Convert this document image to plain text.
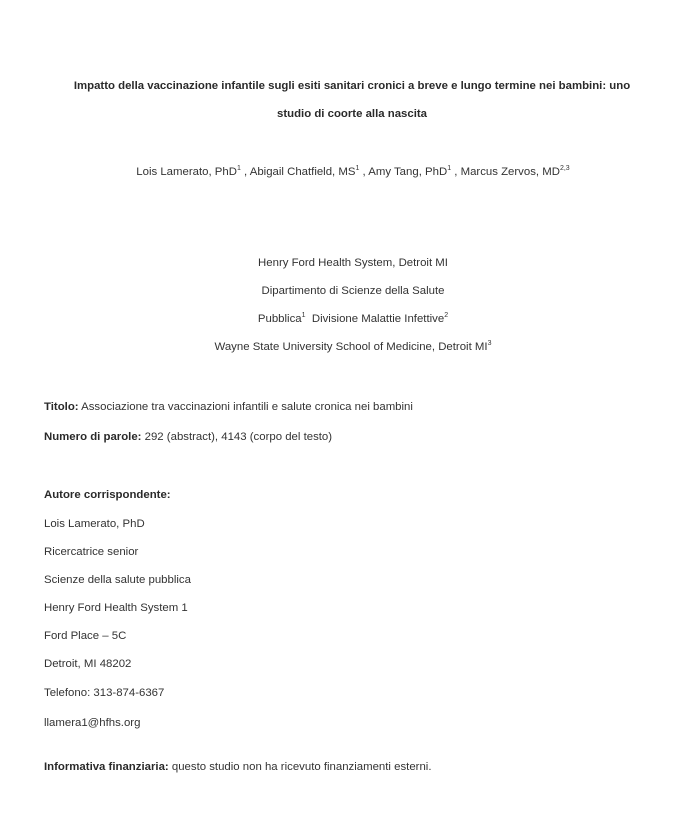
Impatto della vaccinazione infantile sugli esiti sanitari cronici a breve e lungo termine nei bambini: uno
studio di coorte alla nascita
Lois Lamerato, PhD$^1$ , Abigail Chatfield, $MS^1$ , Amy Tang, PhD$^1$ , Marcus Zervos, MD$^{2,3}$
Henry Ford Health System, Detroit MI
Dipartimento di Scienze della Salute
Pubblica$^1$ Divisione Malattie Infettive$^2$
Wayne State University School of Medicine, Detroit $MI^3$
Titolo: Associazione tra vaccinazioni infantili e salute cronica nei bambini
Numero di parole: 292 (abstract), 4143 (corpo del testo)
Autore corrispondente:
Lois Lamerato, PhD
Ricercatrice senior
Scienze della salute pubblica
Henry Ford Health System 1
Ford Place – 5C
Detroit, MI 48202
Telefono: 313-874-6367
llamera1@hfhs.org
Informativa finanziaria: questo studio non ha ricevuto finanziamenti esterni.
